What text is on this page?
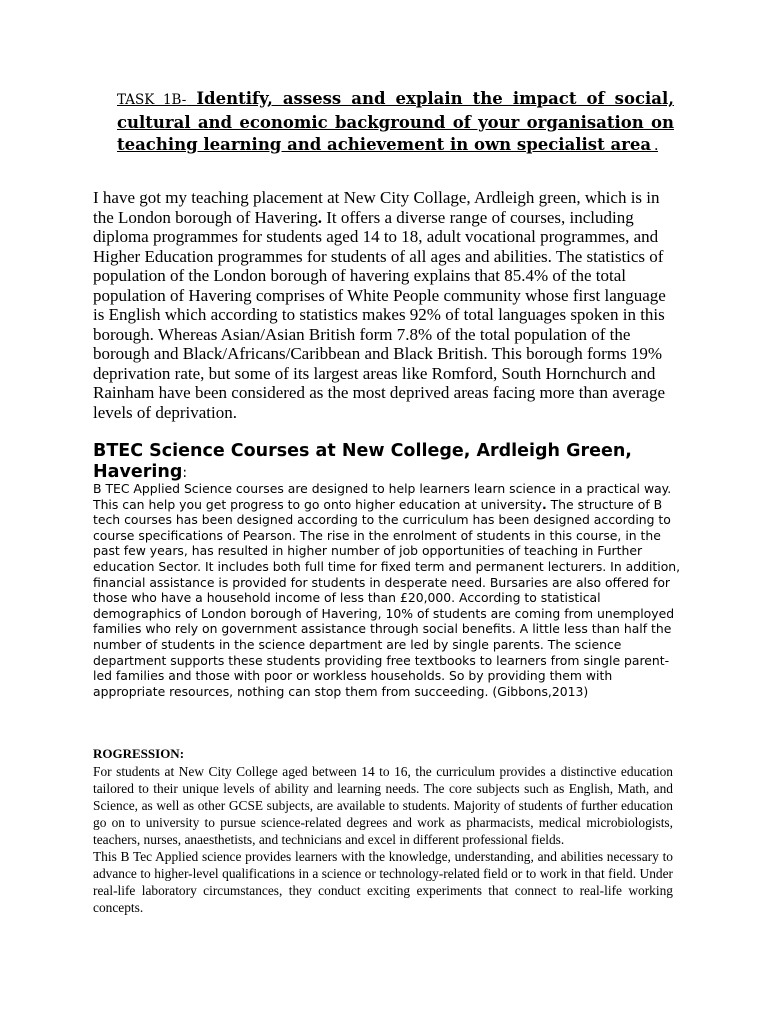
TASK 1B- Identify, assess and explain the impact of social, cultural and economic background of your organisation on teaching learning and achievement in own specialist area .

I have got my teaching placement at New City Collage, Ardleigh green, which is in the London borough of Havering. It offers a diverse range of courses, including diploma programmes for students aged 14 to 18, adult vocational programmes, and Higher Education programmes for students of all ages and abilities. The statistics of population of the London borough of havering explains that 85.4% of the total population of Havering comprises of White People community whose first language is English which according to statistics makes 92% of total languages spoken in this borough. Whereas Asian/Asian British form 7.8% of the total population of the borough and Black/Africans/Caribbean and Black British. This borough forms 19% deprivation rate, but some of its largest areas like Romford, South Hornchurch and Rainham have been considered as the most deprived areas facing more than average levels of deprivation.

BTEC Science Courses at New College, Ardleigh Green, Havering:

B TEC Applied Science courses are designed to help learners learn science in a practical way. This can help you get progress to go onto higher education at university. The structure of B tech courses has been designed according to the curriculum has been designed according to course specifications of Pearson. The rise in the enrolment of students in this course, in the past few years, has resulted in higher number of job opportunities of teaching in Further education Sector. It includes both full time for fixed term and permanent lecturers. In addition, financial assistance is provided for students in desperate need. Bursaries are also offered for those who have a household income of less than £20,000. According to statistical demographics of London borough of Havering, 10% of students are coming from unemployed families who rely on government assistance through social benefits. A little less than half the number of students in the science department are led by single parents. The science department supports these students providing free textbooks to learners from single parent-led families and those with poor or workless households. So by providing them with appropriate resources, nothing can stop them from succeeding. (Gibbons,2013)

ROGRESSION:

For students at New City College aged between 14 to 16, the curriculum provides a distinctive education tailored to their unique levels of ability and learning needs. The core subjects such as English, Math, and Science, as well as other GCSE subjects, are available to students. Majority of students of further education go on to university to pursue science-related degrees and work as pharmacists, medical microbiologists, teachers, nurses, anaesthetists, and technicians and excel in different professional fields.

This B Tec Applied science provides learners with the knowledge, understanding, and abilities necessary to advance to higher-level qualifications in a science or technology-related field or to work in that field. Under real-life laboratory circumstances, they conduct exciting experiments that connect to real-life working concepts.
